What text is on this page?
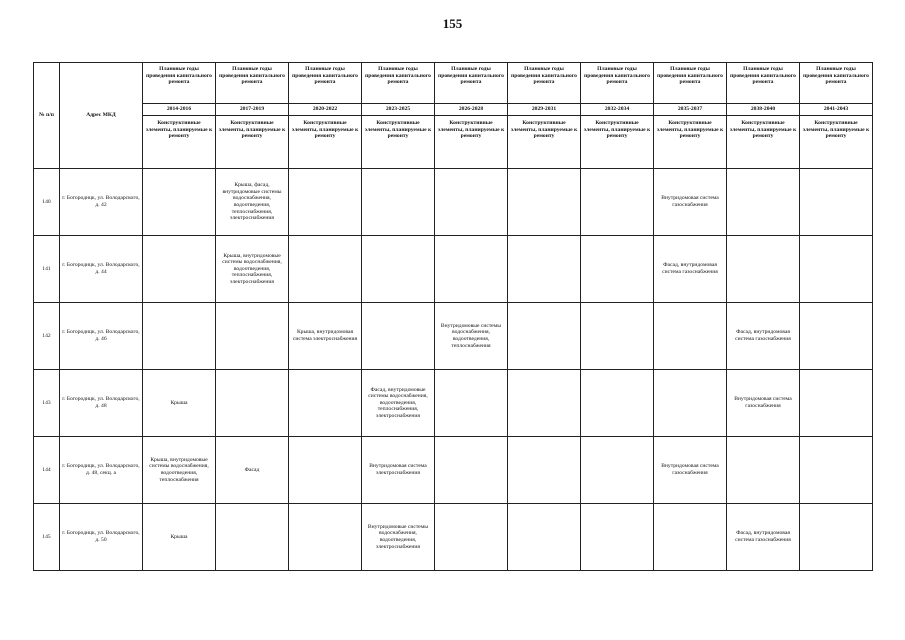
155
№ п/п	Адрес МКД	Плановые годы проведения капитального ремонта	Плановые годы проведения капитального ремонта	Плановые годы проведения капитального ремонта	Плановые годы проведения капитального ремонта	Плановые годы проведения капитального ремонта	Плановые годы проведения капитального ремонта	Плановые годы проведения капитального ремонта	Плановые годы проведения капитального ремонта	Плановые годы проведения капитального ремонта	Плановые годы проведения капитального ремонта
		2014-2016	2017-2019	2020-2022	2023-2025	2026-2028	2029-2031	2032-2034	2035-2037	2038-2040	2041-2043
		Конструктивные элементы, планируемые к ремонту	Конструктивные элементы, планируемые к ремонту	Конструктивные элементы, планируемые к ремонту	Конструктивные элементы, планируемые к ремонту	Конструктивные элементы, планируемые к ремонту	Конструктивные элементы, планируемые к ремонту	Конструктивные элементы, планируемые к ремонту	Конструктивные элементы, планируемые к ремонту	Конструктивные элементы, планируемые к ремонту	Конструктивные элементы, планируемые к ремонту
140	г. Богородицк, ул. Володарского, д. 42		Крыша, фасад, внутридомовые системы водоснабжения, водоотведения, теплоснабжения, электроснабжения						Внутридомовая система газоснабжения		
141	г. Богородицк, ул. Володарского, д. 44		Крыша, внутридомовые системы водоснабжения, водоотведения, теплоснабжения, электроснабжения						Фасад, внутридомовая система газоснабжения		
142	г. Богородицк, ул. Володарского, д. 46			Крыша, внутридомовая система электроснабжения		Внутридомовые системы водоснабжения, водоотведения, теплоснабжения				Фасад, внутридомовая система газоснабжения	
143	г. Богородицк, ул. Володарского, д. 48	Крыша			Фасад, внутридомовые системы водоснабжения, водоотведения, теплоснабжения, электроснабжения					Внутридомовая система газоснабжения	
144	г. Богородицк, ул. Володарского, д. 48, секц. а	Крыша, внутридомовые системы водоснабжения, водоотведения, теплоснабжения	Фасад		Внутридомовая система электроснабжения				Внутридомовая система газоснабжения		
145	г. Богородицк, ул. Володарского, д. 50	Крыша			Внутридомовые системы водоснабжения, водоотведения, электроснабжения					Фасад, внутридомовая система газоснабжения	
